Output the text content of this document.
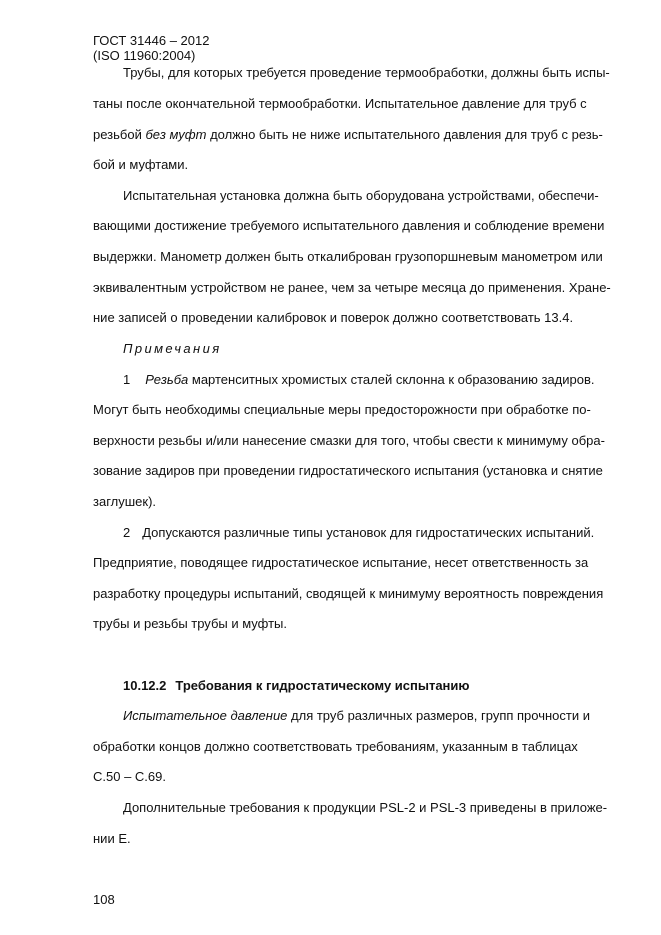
ГОСТ 31446 – 2012
(ISO 11960:2004)
Трубы, для которых требуется проведение термообработки, должны быть испы-
таны после окончательной термообработки. Испытательное давление для труб с
резьбой без муфт должно быть не ниже испытательного давления для труб с резь-
бой и муфтами.
Испытательная установка должна быть оборудована устройствами, обеспечи-
вающими достижение требуемого испытательного давления и соблюдение времени
выдержки. Манометр должен быть откалиброван грузопоршневым манометром или
эквивалентным устройством не ранее, чем за четыре месяца до применения. Хране-
ние записей о проведении калибровок и поверок должно соответствовать 13.4.
Примечания
1 Резьба мартенситных хромистых сталей склонна к образованию задиров.
Могут быть необходимы специальные меры предосторожности при обработке по-
верхности резьбы и/или нанесение смазки для того, чтобы свести к минимуму обра-
зование задиров при проведении гидростатического испытания (установка и снятие
заглушек).
2 Допускаются различные типы установок для гидростатических испытаний.
Предприятие, поводящее гидростатическое испытание, несет ответственность за
разработку процедуры испытаний, сводящей к минимуму вероятность повреждения
трубы и резьбы трубы и муфты.
10.12.2 Требования к гидростатическому испытанию
Испытательное давление для труб различных размеров, групп прочности и
обработки концов должно соответствовать требованиям, указанным в таблицах
С.50 – С.69.
Дополнительные требования к продукции PSL-2 и PSL-3 приведены в приложе-
нии Е.
108
